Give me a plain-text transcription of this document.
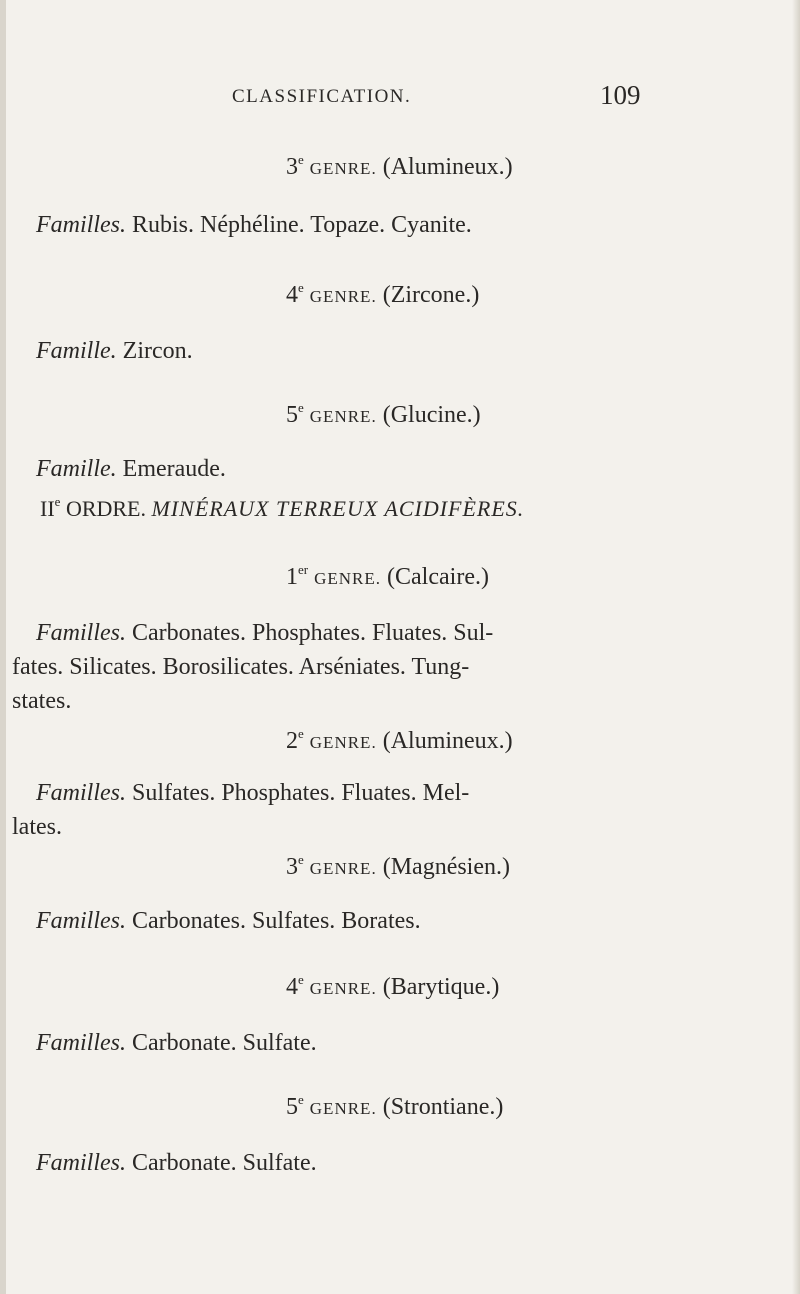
CLASSIFICATION.	109
3e GENRE. (Alumineux.)
Familles. Rubis. Néphéline. Topaze. Cyanite.
4e GENRE. (Zircone.)
Famille. Zircon.
5e GENRE. (Glucine.)
Famille. Emeraude.
IIe ORDRE. MINÉRAUX TERREUX ACIDIFÈRES.
1er GENRE. (Calcaire.)
Familles. Carbonates. Phosphates. Fluates. Sul-
fates. Silicates. Borosilicates. Arséniates. Tung-
states.
2e GENRE. (Alumineux.)
Familles. Sulfates. Phosphates. Fluates. Mel-
lates.
3e GENRE. (Magnésien.)
Familles. Carbonates. Sulfates. Borates.
4e GENRE. (Barytique.)
Familles. Carbonate. Sulfate.
5e GENRE. (Strontiane.)
Familles. Carbonate. Sulfate.
